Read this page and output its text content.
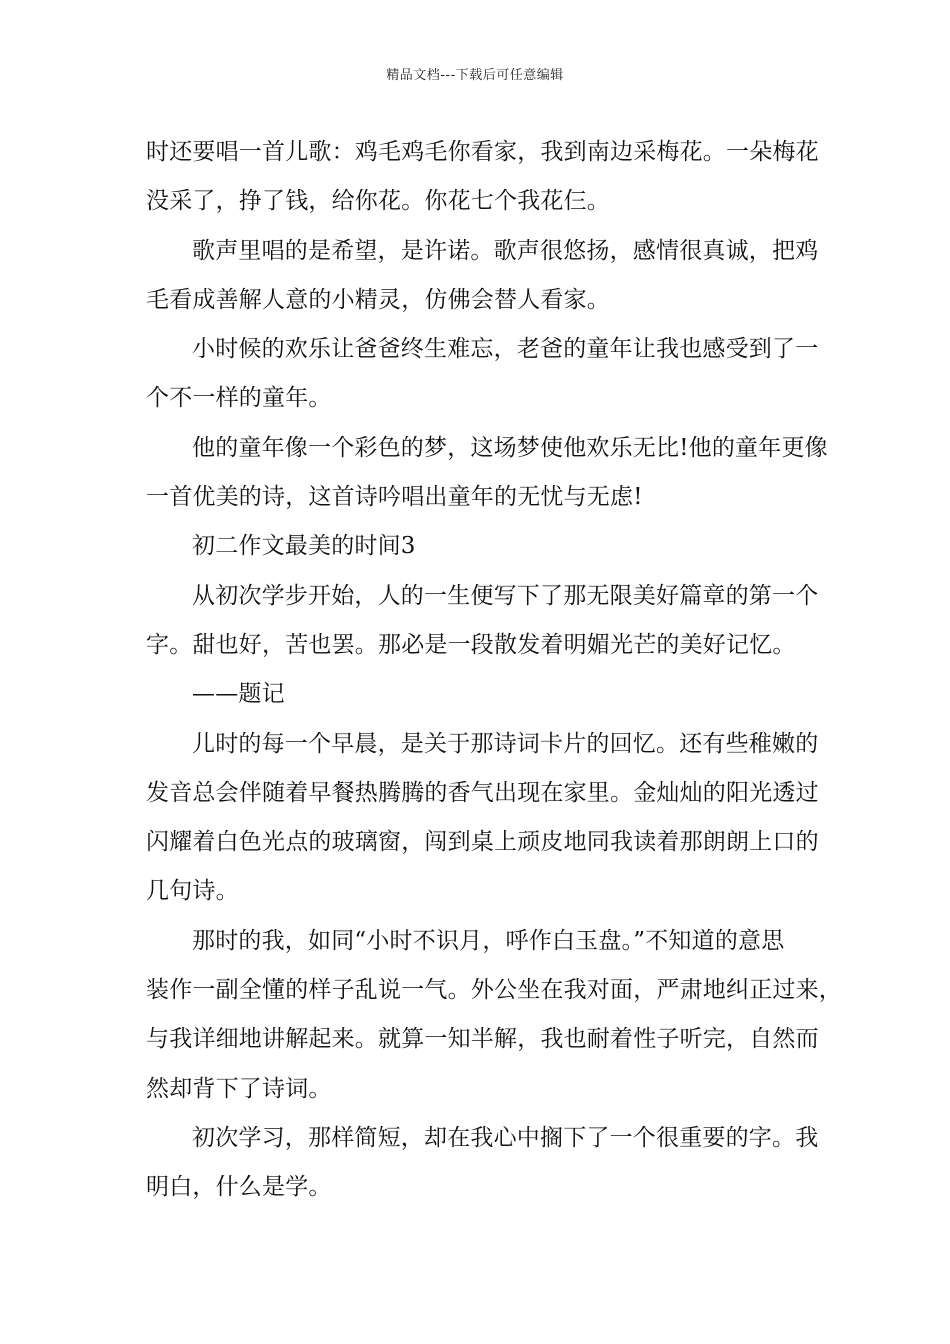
精品文档---下载后可任意编辑
时还要唱一首儿歌：鸡毛鸡毛你看家，我到南边采梅花。一朵梅花
没采了，挣了钱，给你花。你花七个我花仨。
歌声里唱的是希望，是许诺。歌声很悠扬，感情很真诚，把鸡
毛看成善解人意的小精灵，仿佛会替人看家。
小时候的欢乐让爸爸终生难忘，老爸的童年让我也感受到了一
个不一样的童年。
他的童年像一个彩色的梦，这场梦使他欢乐无比!他的童年更像
一首优美的诗，这首诗吟唱出童年的无忧与无虑!
初二作文最美的时间3
从初次学步开始，人的一生便写下了那无限美好篇章的第一个
字。甜也好，苦也罢。那必是一段散发着明媚光芒的美好记忆。
——题记
儿时的每一个早晨，是关于那诗词卡片的回忆。还有些稚嫩的
发音总会伴随着早餐热腾腾的香气出现在家里。金灿灿的阳光透过
闪耀着白色光点的玻璃窗，闯到桌上顽皮地同我读着那朗朗上口的
几句诗。
那时的我，如同“小时不识月，呼作白玉盘。”不知道的意思
装作一副全懂的样子乱说一气。外公坐在我对面，严肃地纠正过来，
与我详细地讲解起来。就算一知半解，我也耐着性子听完，自然而
然却背下了诗词。
初次学习，那样简短，却在我心中搁下了一个很重要的字。我
明白，什么是学。
